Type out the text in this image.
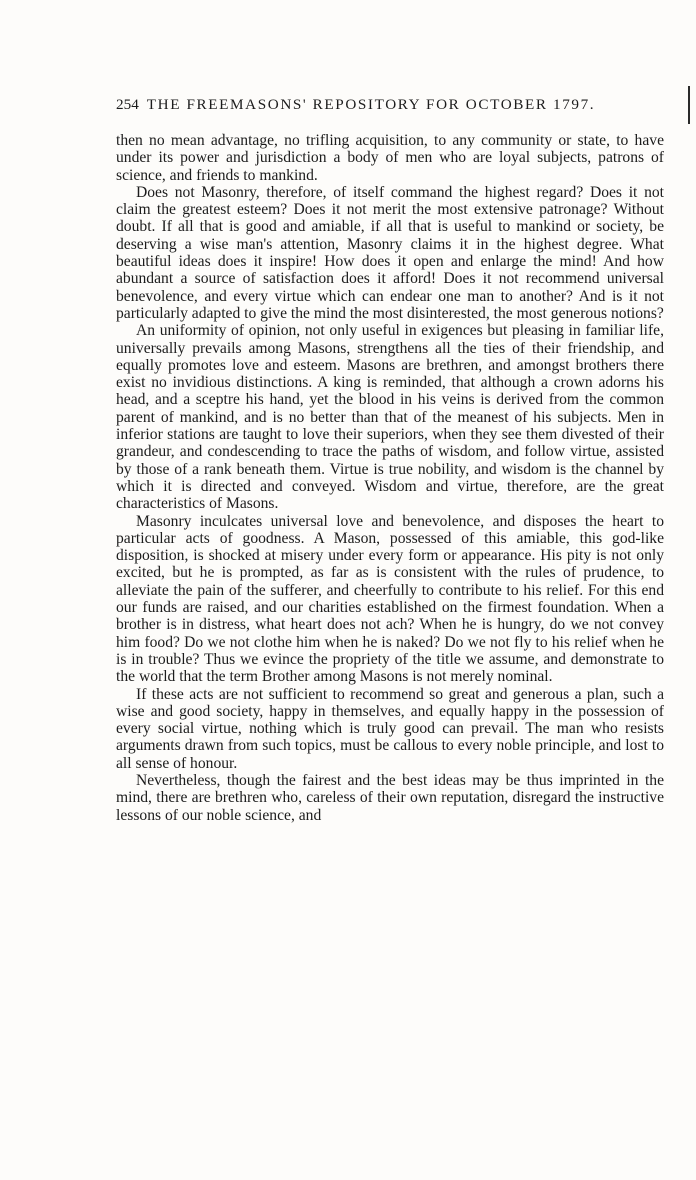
254 THE FREEMASONS' REPOSITORY FOR OCTOBER 1797.

then no mean advantage, no trifling acquisition, to any community or state, to have under its power and jurisdiction a body of men who are loyal subjects, patrons of science, and friends to mankind.

Does not Masonry, therefore, of itself command the highest regard? Does it not claim the greatest esteem? Does it not merit the most extensive patronage? Without doubt. If all that is good and amiable, if all that is useful to mankind or society, be deserving a wise man's attention, Masonry claims it in the highest degree. What beautiful ideas does it inspire! How does it open and enlarge the mind! And how abundant a source of satisfaction does it afford! Does it not recommend universal benevolence, and every virtue which can endear one man to another? And is it not particularly adapted to give the mind the most disinterested, the most generous notions?

An uniformity of opinion, not only useful in exigences but pleasing in familiar life, universally prevails among Masons, strengthens all the ties of their friendship, and equally promotes love and esteem. Masons are brethren, and amongst brothers there exist no invidious distinctions. A king is reminded, that although a crown adorns his head, and a sceptre his hand, yet the blood in his veins is derived from the common parent of mankind, and is no better than that of the meanest of his subjects. Men in inferior stations are taught to love their superiors, when they see them divested of their grandeur, and condescending to trace the paths of wisdom, and follow virtue, assisted by those of a rank beneath them. Virtue is true nobility, and wisdom is the channel by which it is directed and conveyed. Wisdom and virtue, therefore, are the great characteristics of Masons.

Masonry inculcates universal love and benevolence, and disposes the heart to particular acts of goodness. A Mason, possessed of this amiable, this god-like disposition, is shocked at misery under every form or appearance. His pity is not only excited, but he is prompted, as far as is consistent with the rules of prudence, to alleviate the pain of the sufferer, and cheerfully to contribute to his relief. For this end our funds are raised, and our charities established on the firmest foundation. When a brother is in distress, what heart does not ach? When he is hungry, do we not convey him food? Do we not clothe him when he is naked? Do we not fly to his relief when he is in trouble? Thus we evince the propriety of the title we assume, and demonstrate to the world that the term Brother among Masons is not merely nominal.

If these acts are not sufficient to recommend so great and generous a plan, such a wise and good society, happy in themselves, and equally happy in the possession of every social virtue, nothing which is truly good can prevail. The man who resists arguments drawn from such topics, must be callous to every noble principle, and lost to all sense of honour.

Nevertheless, though the fairest and the best ideas may be thus imprinted in the mind, there are brethren who, careless of their own reputation, disregard the instructive lessons of our noble science, and
